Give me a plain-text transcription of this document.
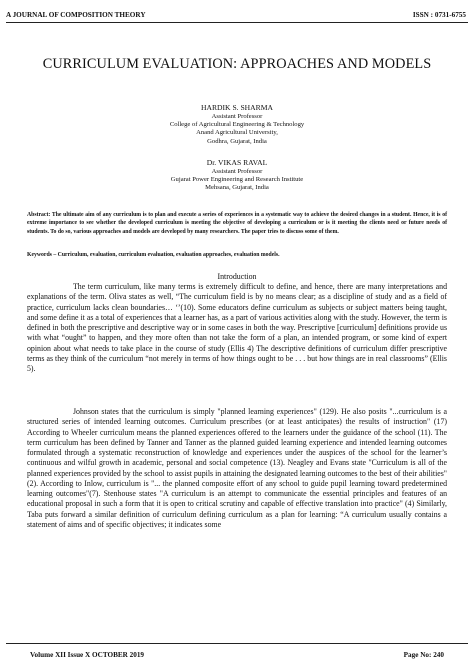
A JOURNAL OF COMPOSITION THEORY	ISSN : 0731-6755
CURRICULUM EVALUATION: APPROACHES AND MODELS
HARDIK S. SHARMA
Assistant Professor
College of Agricultural Engineering & Technology
Anand Agricultural University,
Godhra, Gujarat, India
Dr. VIKAS RAVAL
Assistant Professor
Gujarat Power Engineering and Research Institute
Mehsana, Gujarat, India
Abstract: The ultimate aim of any curriculum is to plan and execute a series of experiences in a systematic way to achieve the desired changes in a student. Hence, it is of extreme importance to see whether the developed curriculum is meeting the objective of developing a curriculum or is it meeting the clients need or future needs of students. To do so, various approaches and models are developed by many researchers. The paper tries to discuss some of them.
Keywords – Curriculum, evaluation, curriculum evaluation, evaluation approaches, evaluation models.
Introduction
The term curriculum, like many terms is extremely difficult to define, and hence, there are many interpretations and explanations of the term. Oliva states as well, “The curriculum field is by no means clear; as a discipline of study and as a field of practice, curriculum lacks clean boundaries… ‘’(10). Some educators define curriculum as subjects or subject matters being taught, and some define it as a total of experiences that a learner has, as a part of various activities along with the study. However, the term is defined in both the prescriptive and descriptive way or in some cases in both the way. Prescriptive [curriculum] definitions provide us with what “ought” to happen, and they more often than not take the form of a plan, an intended program, or some kind of expert opinion about what needs to take place in the course of study (Ellis 4) The descriptive definitions of curriculum differ prescriptive terms as they think of the curriculum “not merely in terms of how things ought to be . . . but how things are in real classrooms” (Ellis 5).
Johnson states that the curriculum is simply "planned learning experiences" (129). He also posits "...curriculum is a structured series of intended learning outcomes. Curriculum prescribes (or at least anticipates) the results of instruction" (17) According to Wheeler curriculum means the planned experiences offered to the learners under the guidance of the school (11). The term curriculum has been defined by Tanner and Tanner as the planned guided learning experience and intended learning outcomes formulated through a systematic reconstruction of knowledge and experiences under the auspices of the school for the learner’s continuous and wilful growth in academic, personal and social competence (13). Neagley and Evans state "Curriculum is all of the planned experiences provided by the school to assist pupils in attaining the designated learning outcomes to the best of their abilities" (2). According to Inlow, curriculum is "... the planned composite effort of any school to guide pupil learning toward predetermined learning outcomes"(7). Stenhouse states "A curriculum is an attempt to communicate the essential principles and features of an educational proposal in such a form that it is open to critical scrutiny and capable of effective translation into practice" (4) Similarly, Taba puts forward a similar definition of curriculum defining curriculum as a plan for learning: “A curriculum usually contains a statement of aims and of specific objectives; it indicates some
Volume XII Issue X OCTOBER 2019	Page No: 240
